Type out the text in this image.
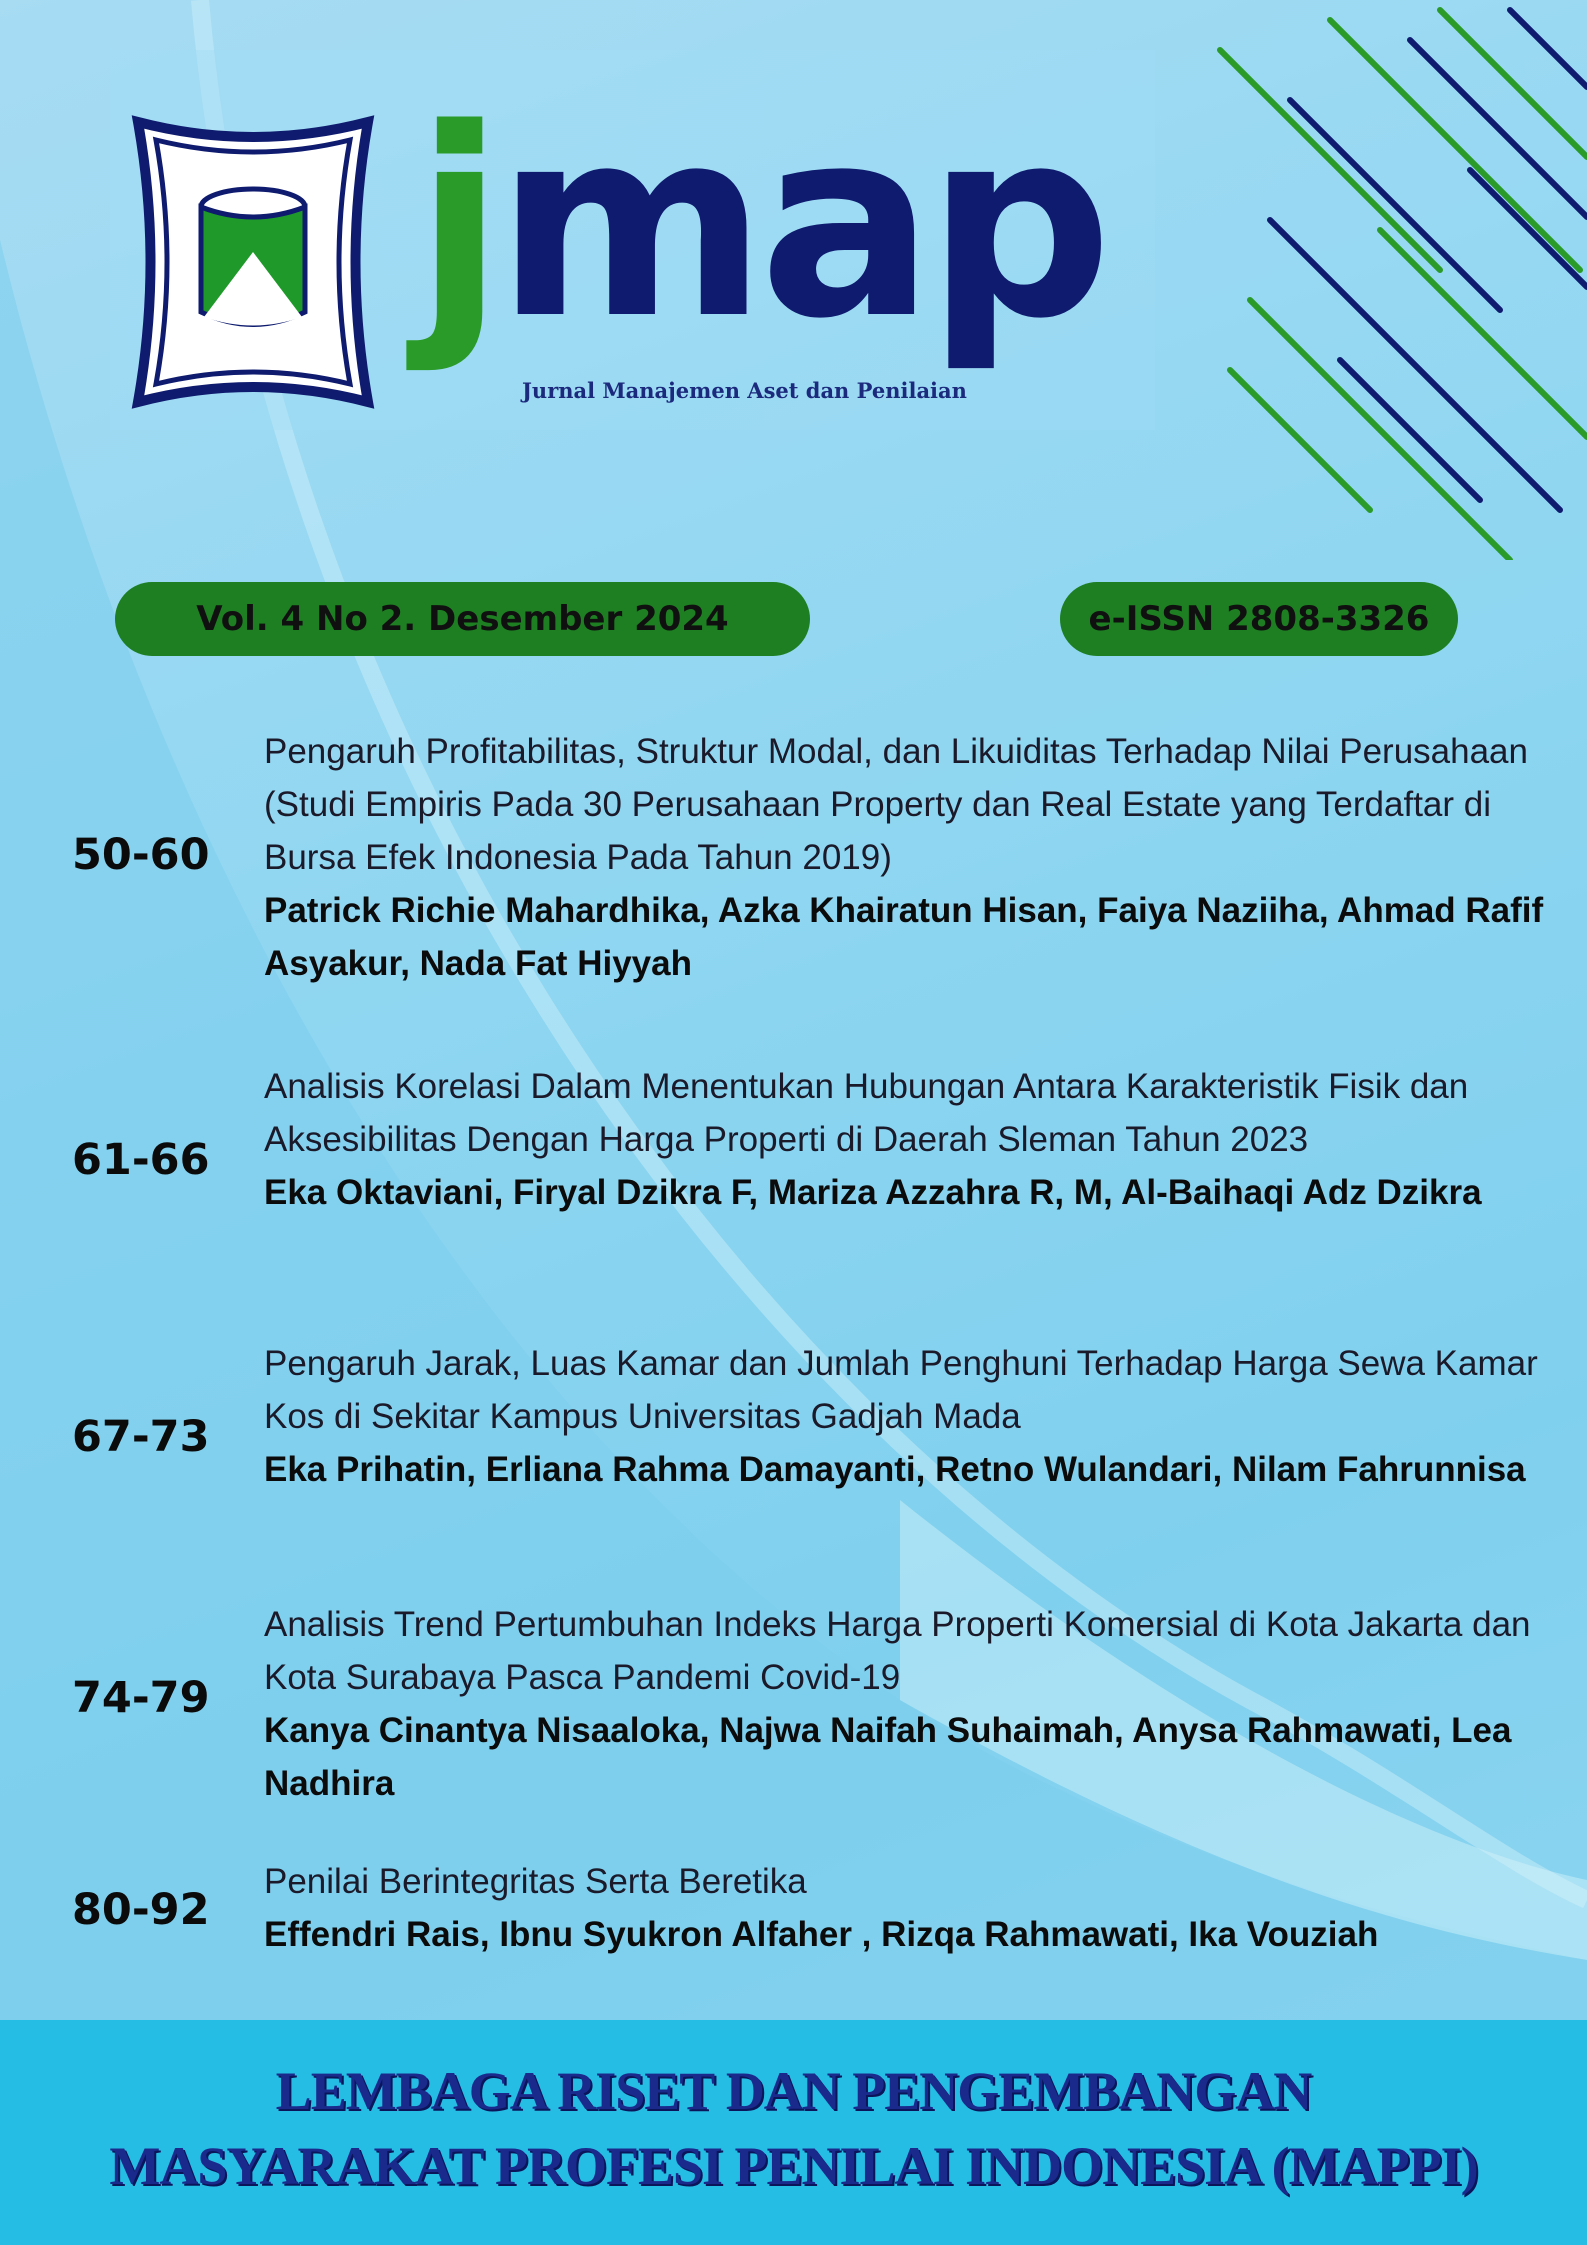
jmap
Jurnal Manajemen Aset dan Penilaian
Vol. 4 No 2. Desember 2024	e-ISSN 2808-3326
50-60
Pengaruh Profitabilitas, Struktur Modal, dan Likuiditas Terhadap Nilai Perusahaan (Studi Empiris Pada 30 Perusahaan Property dan Real Estate yang Terdaftar di Bursa Efek Indonesia Pada Tahun 2019)
Patrick Richie Mahardhika, Azka Khairatun Hisan, Faiya Naziiha, Ahmad Rafif Asyakur, Nada Fat Hiyyah
61-66
Analisis Korelasi Dalam Menentukan Hubungan Antara Karakteristik Fisik dan Aksesibilitas Dengan Harga Properti di Daerah Sleman Tahun 2023
Eka Oktaviani, Firyal Dzikra F, Mariza Azzahra R, M, Al-Baihaqi Adz Dzikra
67-73
Pengaruh Jarak, Luas Kamar dan Jumlah Penghuni Terhadap Harga Sewa Kamar Kos di Sekitar Kampus Universitas Gadjah Mada
Eka Prihatin, Erliana Rahma Damayanti, Retno Wulandari, Nilam Fahrunnisa
74-79
Analisis Trend Pertumbuhan Indeks Harga Properti Komersial di Kota Jakarta dan Kota Surabaya Pasca Pandemi Covid-19
Kanya Cinantya Nisaaloka, Najwa Naifah Suhaimah, Anysa Rahmawati, Lea Nadhira
80-92
Penilai Berintegritas Serta Beretika
Effendri Rais, Ibnu Syukron Alfaher , Rizqa Rahmawati, Ika Vouziah
LEMBAGA RISET DAN PENGEMBANGAN
MASYARAKAT PROFESI PENILAI INDONESIA (MAPPI)
